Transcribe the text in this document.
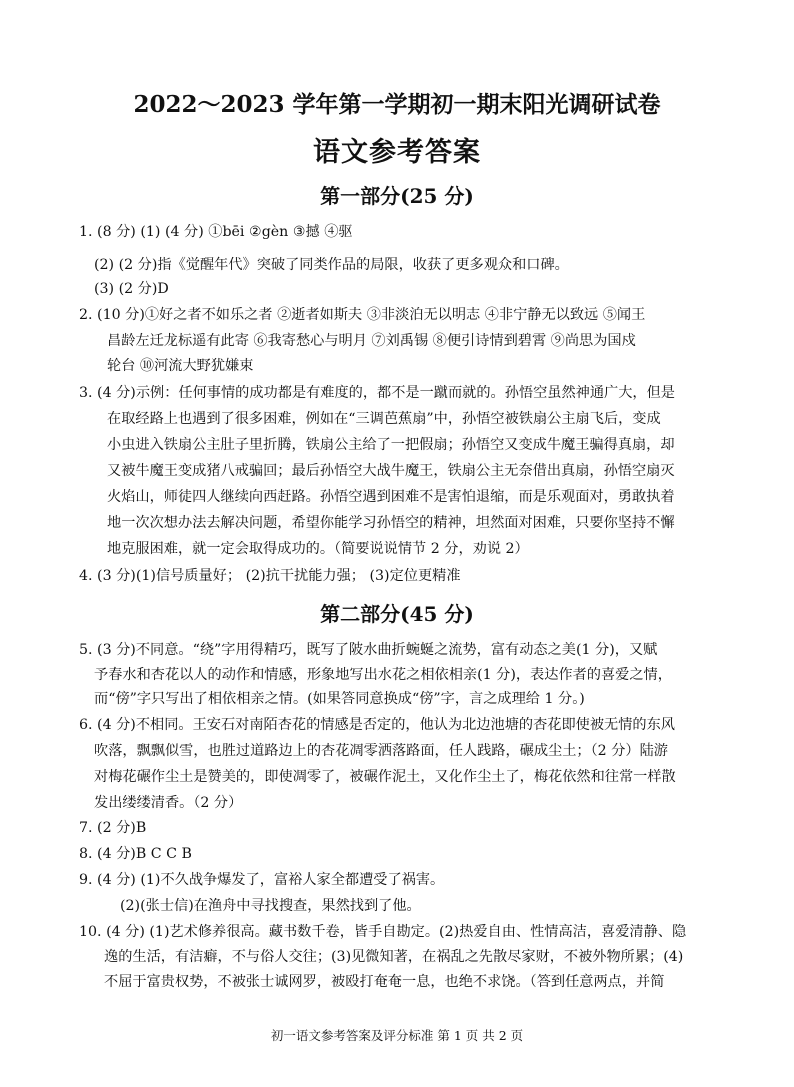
2022～2023 学年第一学期初一期末阳光调研试卷
语文参考答案
第一部分(25 分)
1. (8 分) (1) (4 分) ①bēi ②gèn ③撼 ④驱
(2) (2 分)指《觉醒年代》突破了同类作品的局限，收获了更多观众和口碑。
(3) (2 分)D
2. (10 分)①好之者不如乐之者 ②逝者如斯夫 ③非淡泊无以明志 ④非宁静无以致远 ⑤闻王
昌龄左迁龙标遥有此寄 ⑥我寄愁心与明月 ⑦刘禹锡 ⑧便引诗情到碧霄 ⑨尚思为国戍
轮台 ⑩河流大野犹嫌束
3. (4 分)示例：任何事情的成功都是有难度的，都不是一蹴而就的。孙悟空虽然神通广大，但是
在取经路上也遇到了很多困难，例如在“三调芭蕉扇”中，孙悟空被铁扇公主扇飞后，变成
小虫进入铁扇公主肚子里折腾，铁扇公主给了一把假扇；孙悟空又变成牛魔王骗得真扇，却
又被牛魔王变成猪八戒骗回；最后孙悟空大战牛魔王，铁扇公主无奈借出真扇，孙悟空扇灭
火焰山，师徒四人继续向西赶路。孙悟空遇到困难不是害怕退缩，而是乐观面对，勇敢执着
地一次次想办法去解决问题，希望你能学习孙悟空的精神，坦然面对困难，只要你坚持不懈
地克服困难，就一定会取得成功的。（简要说说情节 2 分，劝说 2）
4. (3 分)(1)信号质量好； (2)抗干扰能力强； (3)定位更精准
第二部分(45 分)
5. (3 分)不同意。“绕”字用得精巧，既写了陂水曲折蜿蜒之流势，富有动态之美(1 分)，又赋
予春水和杏花以人的动作和情感，形象地写出水花之相依相亲(1 分)，表达作者的喜爱之情，
而“傍”字只写出了相依相亲之情。(如果答同意换成“傍”字，言之成理给 1 分。)
6. (4 分)不相同。王安石对南陌杏花的情感是否定的，他认为北边池塘的杏花即使被无情的东风
吹落，飘飘似雪，也胜过道路边上的杏花凋零洒落路面，任人践路，碾成尘土；（2 分）陆游
对梅花碾作尘土是赞美的，即使凋零了，被碾作泥土，又化作尘土了，梅花依然和往常一样散
发出缕缕清香。（2 分）
7. (2 分)B
8. (4 分)B C C B
9. (4 分) (1)不久战争爆发了，富裕人家全都遭受了祸害。
(2)(张士信)在渔舟中寻找搜查，果然找到了他。
10. (4 分) (1)艺术修养很高。藏书数千卷，皆手自勘定。(2)热爱自由、性情高洁，喜爱清静、隐
逸的生活，有洁癖，不与俗人交往；(3)见微知著，在祸乱之先散尽家财，不被外物所累；(4)
不屈于富贵权势，不被张士诚网罗，被殴打奄奄一息，也绝不求饶。（答到任意两点，并简
初一语文参考答案及评分标准 第 1 页 共 2 页
